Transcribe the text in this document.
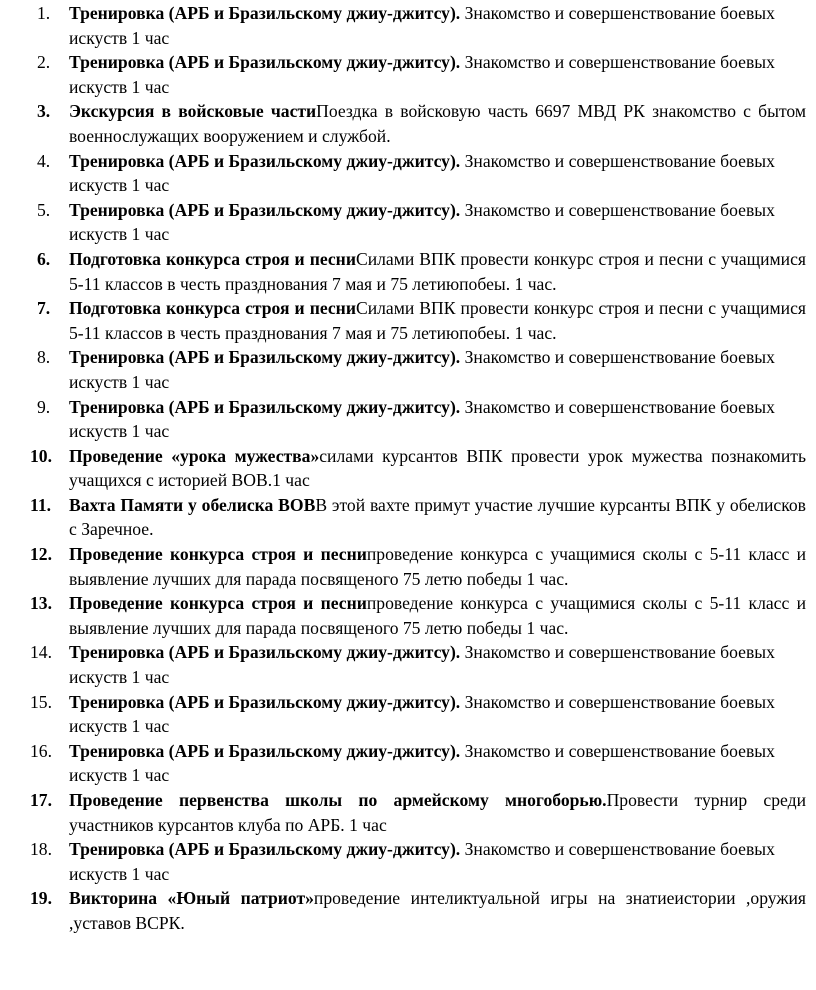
1. Тренировка (АРБ и Бразильскому джиу-джитсу). Знакомство и совершенствование боевых искуств 1 час

2. Тренировка (АРБ и Бразильскому джиу-джитсу). Знакомство и совершенствование боевых искуств 1 час

3. Экскурсия в войсковые частиПоездка в войсковую часть 6697 МВД РК знакомство с бытом военнослужащих вооружением и службой.

4. Тренировка (АРБ и Бразильскому джиу-джитсу). Знакомство и совершенствование боевых искуств 1 час

5. Тренировка (АРБ и Бразильскому джиу-джитсу). Знакомство и совершенствование боевых искуств 1 час

6. Подготовка конкурса строя и песниСилами ВПК провести конкурс строя и песни с учащимися 5-11 классов в честь празднования 7 мая и 75 летиюпобеы. 1 час.

7. Подготовка конкурса строя и песниСилами ВПК провести конкурс строя и песни с учащимися 5-11 классов в честь празднования 7 мая и 75 летиюпобеы. 1 час.

8. Тренировка (АРБ и Бразильскому джиу-джитсу). Знакомство и совершенствование боевых искуств 1 час

9. Тренировка (АРБ и Бразильскому джиу-джитсу). Знакомство и совершенствование боевых искуств 1 час

10. Проведение «урока мужества»силами курсантов ВПК провести урок мужества познакомить учащихся с историей ВОВ.1 час

11. Вахта Памяти у обелиска ВОВВ этой вахте примут участие лучшие курсанты ВПК у обелисков с Заречное.

12. Проведение конкурса строя и песнипроведение конкурса с учащимися сколы с 5-11 класс и выявление лучших для парада посвященого 75 летю победы 1 час.

13. Проведение конкурса строя и песнипроведение конкурса с учащимися сколы с 5-11 класс и выявление лучших для парада посвященого 75 летю победы 1 час.

14. Тренировка (АРБ и Бразильскому джиу-джитсу). Знакомство и совершенствование боевых искуств 1 час

15. Тренировка (АРБ и Бразильскому джиу-джитсу). Знакомство и совершенствование боевых искуств 1 час

16. Тренировка (АРБ и Бразильскому джиу-джитсу). Знакомство и совершенствование боевых искуств 1 час

17. Проведение первенства школы по армейскому многоборью.Провести турнир среди участников курсантов клуба по АРБ. 1 час

18. Тренировка (АРБ и Бразильскому джиу-джитсу). Знакомство и совершенствование боевых искуств 1 час

19. Викторина «Юный патриот»проведение интеликтуальной игры на знатиеистории ,оружия ,уставов ВСРК.
